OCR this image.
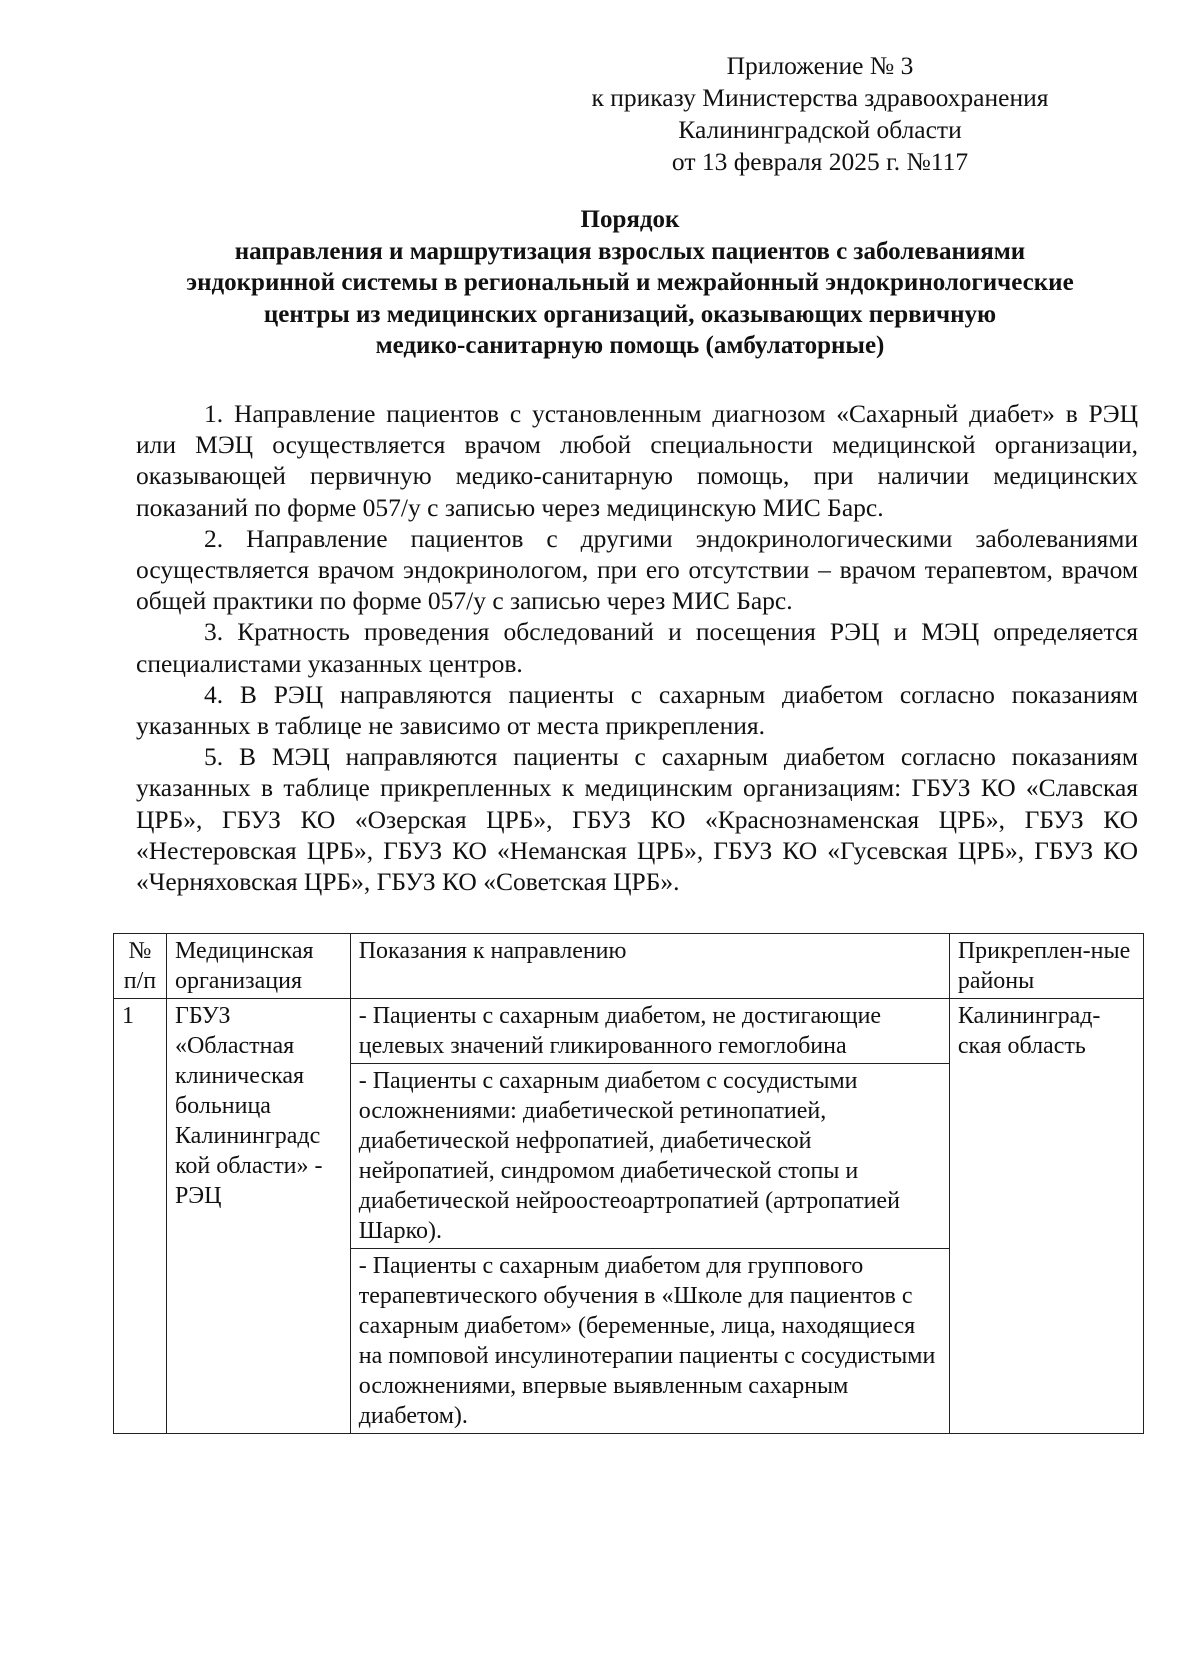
Приложение № 3
к приказу Министерства здравоохранения
Калининградской области
от 13 февраля 2025 г. №117
Порядок
направления и маршрутизация взрослых пациентов с заболеваниями
эндокринной системы в региональный и межрайонный эндокринологические
центры из медицинских организаций, оказывающих первичную
медико-санитарную помощь (амбулаторные)

1. Направление пациентов с установленным диагнозом «Сахарный диабет» в РЭЦ или МЭЦ осуществляется врачом любой специальности медицинской организации, оказывающей первичную медико-санитарную помощь, при наличии медицинских показаний по форме 057/у с записью через медицинскую МИС Барс.

2. Направление пациентов с другими эндокринологическими заболеваниями осуществляется врачом эндокринологом, при его отсутствии – врачом терапевтом, врачом общей практики по форме 057/у с записью через МИС Барс.

3. Кратность проведения обследований и посещения РЭЦ и МЭЦ определяется специалистами указанных центров.

4. В РЭЦ направляются пациенты с сахарным диабетом согласно показаниям указанных в таблице не зависимо от места прикрепления.

5. В МЭЦ направляются пациенты с сахарным диабетом согласно показаниям указанных в таблице прикрепленных к медицинским организациям: ГБУЗ КО «Славская ЦРБ», ГБУЗ КО «Озерская ЦРБ», ГБУЗ КО «Краснознаменская ЦРБ», ГБУЗ КО «Нестеровская ЦРБ», ГБУЗ КО «Неманская ЦРБ», ГБУЗ КО «Гусевская ЦРБ», ГБУЗ КО «Черняховская ЦРБ», ГБУЗ КО «Советская ЦРБ».

№ п/п	Медицинская организация	Показания к направлению	Прикреплен-ные районы
1	ГБУЗ «Областная клиническая больница Калининградс кой области» - РЭЦ	- Пациенты с сахарным диабетом, не достигающие целевых значений гликированного гемоглобина	Калининград-ская область
		- Пациенты с сахарным диабетом с сосудистыми осложнениями: диабетической ретинопатией, диабетической нефропатией, диабетической нейропатией, синдромом диабетической стопы и диабетической нейроостеоартропатией (артропатией Шарко).	
		- Пациенты с сахарным диабетом для группового терапевтического обучения в «Школе для пациентов с сахарным диабетом» (беременные, лица, находящиеся на помповой инсулинотерапии пациенты с сосудистыми осложнениями, впервые выявленным сахарным диабетом).	
